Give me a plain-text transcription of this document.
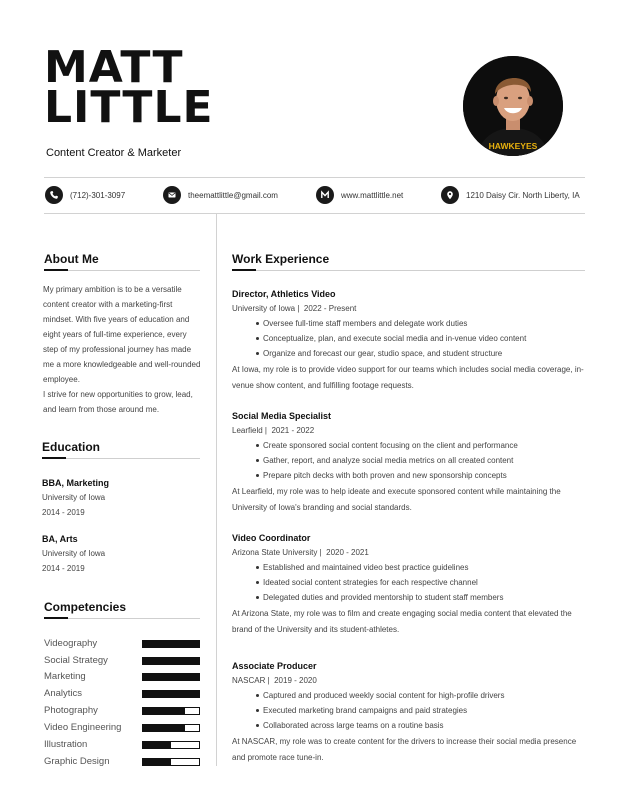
MATT
LITTLE
Content Creator & Marketer
HAWKEYES
(712)-301-3097	theemattlittle@gmail.com	www.mattlittle.net	1210 Daisy Cir. North Liberty, IA
About Me

My primary ambition is to be a versatile content creator with a marketing-first mindset. With five years of education and eight years of full-time experience, every step of my professional journey has made me a more knowledgeable and well-rounded employee.

I strive for new opportunities to grow, lead, and learn from those around me.

Education
BBA, Marketing
University of Iowa
2014 - 2019
BA, Arts
University of Iowa
2014 - 2019
Competencies
Videography
Social Strategy
Marketing
Analytics
Photography
Video Engineering
Illustration
Graphic Design
Work Experience
Director, Athletics Video
University of Iowa |  2022 - Present
Oversee full-time staff members and delegate work duties
Conceptualize, plan, and execute social media and in-venue video content
Organize and forecast our gear, studio space, and student structure
At Iowa, my role is to provide video support for our teams which includes social media coverage, in-venue show content, and fulfilling footage requests.
Social Media Specialist
Learfield |  2021 - 2022
Create sponsored social content focusing on the client and performance
Gather, report, and analyze social media metrics on all created content
Prepare pitch decks with both proven and new sponsorship concepts
At Learfield, my role was to help ideate and execute sponsored content while maintaining the University of Iowa's branding and social standards.
Video Coordinator
Arizona State University |  2020 - 2021
Established and maintained video best practice guidelines
Ideated social content strategies for each respective channel
Delegated duties and provided mentorship to student staff members
At Arizona State, my role was to film and create engaging social media content that elevated the brand of the University and its student-athletes.
Associate Producer
NASCAR |  2019 - 2020
Captured and produced weekly social content for high-profile drivers
Executed marketing brand campaigns and paid strategies
Collaborated across large teams on a routine basis
At NASCAR, my role was to create content for the drivers to increase their social media presence and promote race tune-in.
